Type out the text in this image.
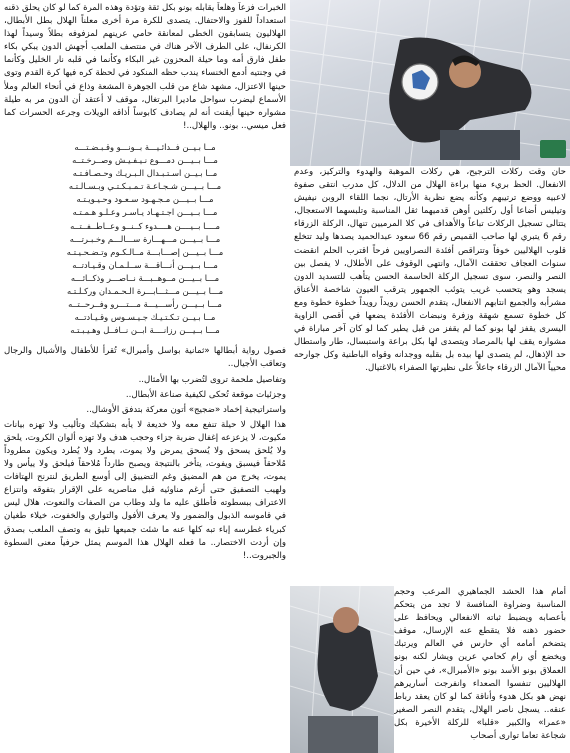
الخبرات فزعاً وهلعاً يقابله بونو بكل ثقة وتؤدة وهذه المرة كما لو كان يحلق ذقنه استعداداً للفوز والاحتفال. يتصدى للكرة مرة أخرى معلناً الهلال بطل الأبطال، الهلاليون يتسابقون الخطى لمعانقة حامي عرينهم لمزفوفه بطلاً وسيداً لهذا الكرنفال، على الطرف الآخر هناك في منتصف الملعب أجهش الدون يبكي بكاء طفل فارق أمه وما حيلة المحزون غير البكاء وكأنما في قلبه نار الخليل وكأنما في وجنتيه أدمع الخنساء يندب حظه المنكود في لحظة كره فيها كرة القدم وتوى حينها الاعتزال، مشهد شاع من قلب الجوهرة المشعة وذاع في أنحاء العالم وملأ الأسماع ليضرب سواحل ماديرا البرتغال، موقف لا أعتقد أن الدون مر به طيلة مشواره حينها أيقنت أنه لم يصادف كابوساً أذاقه الويلات وجرعه الحسرات كما فعل ميسي.. بونو.. والهلال..!

مــا بـيــن فــدائـيـــة بــونـــو وقـبـضـتـــه
مـــا بــيـــن دمـــوع نـيـفـيـش وصــرخـتــه
مــا بـيــن اسـتـبـدال الـبـريـك وحـصـافـتـه
مـــا بــيـــن شـجـاعـة تـمـبـكـتـي وبـسـالـتـه
مـــا بــيـــن مـجـهـود سـعـود وحـيـويـتـه
مـــا بــيـــن اجـتـهـاد يـاسـر وعـلـو هـمـتـه
مــــا بــيــــن هــــدوء كــنــو وعــاطــفــتــه
مـــا بــيـــن مـــهـــارة ســـالـــم وخـبـرتـــه
مـــا بــيـــن إصـــابـــة مــالـكـوم وتـضـحـيـتـه
مـــا بــيـــن أنـــاقـــة ســلـمـان وقـيـادتــه
مـــا بــيـــن مــوهــبـــة نــاصـــر وذكــائـــه
مـــا بــيـــن مـــثـــابـــرة الـحـمـدان وركـلـتـه
مـــا بــيـــن رأســـيـــة مـــتـــرو وفــرحــتــه
مــا بـيــن تـكـتـيـك جـيـسـوس وقـيـادتــه
مـــا بــيـــن رزانــــة ابــن نــافــل وهـيـبـتـه

فصول رواية أبطالها «ثمانية بواسل وأمبرال» تُقرأ للأطفال والأشبال والرجال وتعاقب الأجيال..

وتفاصيل ملحمة تروى لتُضرب بها الأمثال..

وجزئيات موقعة تُحكى لكيفية صناعة الأبطال..

واستراتيجية إخماد «ضجيج» أتون معركة بتدفق الأوشال..

هذا الهلال لا حيلة تنفع معه ولا خديعة لا يأبه بتشكيك وتأليب ولا تهزه بيانات مكيوت، لا يزعزعه إغفال ضربة جزاء وحجب هدف ولا تهزه ألوان الكروت، يلحق ولا يُلحق يسحق ولا يُسحق يمرض ولا يموت، يطرد ولا يُطرد ويكون مطروداً مُلاحقاً فيسبق ويفوت، يتأخر بالنتيجة ويصبح طارداً مُلاحقاً فيلحق ولا ييأس ولا يموت، يخرج من هم المضيق وغم التضييق إلى أوسع الطريق لنترنح الهتافات ولهيب التصفيق حتى أرغم مناوئيه قبل مناصريه على الإقرار بتفوقه وانتزاع الاعتراف ببسطوته فأطلق عليه ما ولد وطاب من الصفات والنعوت، هلال ليس في قاموسه الذبول والضمور ولا يعرف الأفول والتواري والخفوت، خيلاء طغيان كبرياء غطرسه إباء تبه كلها عنه ما شئت جميعها تليق به وتصف الملعب بصدق وإن أردت الاختصار.. ما فعله الهلال هذا الموسم يمثل حرفياً معنى السطوة والجبروت..!

حان وقت ركلات الترجيح، هي ركلات الموهبة والهدوء والتركيز، وعدم الانفعال. الحظ بريء منها براءة الهلال من الدلال، كل مدرب انتقى صفوة لاعبيه ووضع ترتيبهم وكأنه يضع نظرية الأرتال، نجما اللقاء الروبن نيفيش وتيليس أضاعا أول ركلتين أوهن قدميهما ثقل المناسبة وتلبسهما الاستعجال، يتتالى تسجيل الركلات تباعاً والأهداف في كلا المرميين تنهال، الركلة الزرقاء رقم 6 يتبري لها صاحب القميص رقم 66 سعود عبدالحميد يصدها وليد تتخلع قلوب الهلاليين خوفاً وتتراقص أفئدة النصراويين فرحاً اقترب الحلم انقضت سنوات العجاف تحققت الآمال، وانتهى الوقوف على الأطلال، لا يفصل بين النصر والنصر، سوى تسجيل الركلة الحاسمة الحسن يتأهب للتسديد الدون يسجد وهو يتحسب غريب يتوئب الجمهور يترقب العيون شاخصة الأعناق مشرأبه والجميع انتابهم الانفعال، يتقدم الحسن رويداً رويداً خطوة خطوة ومع كل خطوة تسمع شهقة وزفرة ونبضات الأفئدة يضعها في أقصى الزاوية اليسرى يقفز لها بونو كما لم يقفز من قبل يطير كما لو كان آخر مباراة في مشواره يقف لها بالمرصاد ويتصدى لها بكل براعة واستبسال، طار واستطال حد الإذهال، لم يتصدى لها بيده بل بقلبه ووجدانه وقواه الباطنية وكل جوارحه محيياً الآمال الزرقاء جاعلاً على نظيرتها الصفراء بالاغتيال.

أمام هذا الحشد الجماهيري المرعب وحجم المناسبة وضراوة المنافسة لا تجد من يتحكم بأعصابه ويضبط ثباته الانفعالي ويحافظ على حضور ذهنه فلا يتقطع عنه الإرسال، موقف يتضخم أمامه أي حارس في العالم ويرتبك ويخضع أي رام كحامي عرين ويشار لكنه بونو العملاق بونو الأسد بونو «الأمبرال»، في حين أن الهلاليين تنفسوا الصعداء وانفرجت أساريرهم نهض هو بكل هدوء وأناقة كما لو كان يعقد رباط عنقه.. يسجل ناصر الهلال، يتقدم النصر الصغير «عمرا» والكبير «قلبا» للركلة الأخيرة بكل شجاعة تعاما توارى أصحاب
